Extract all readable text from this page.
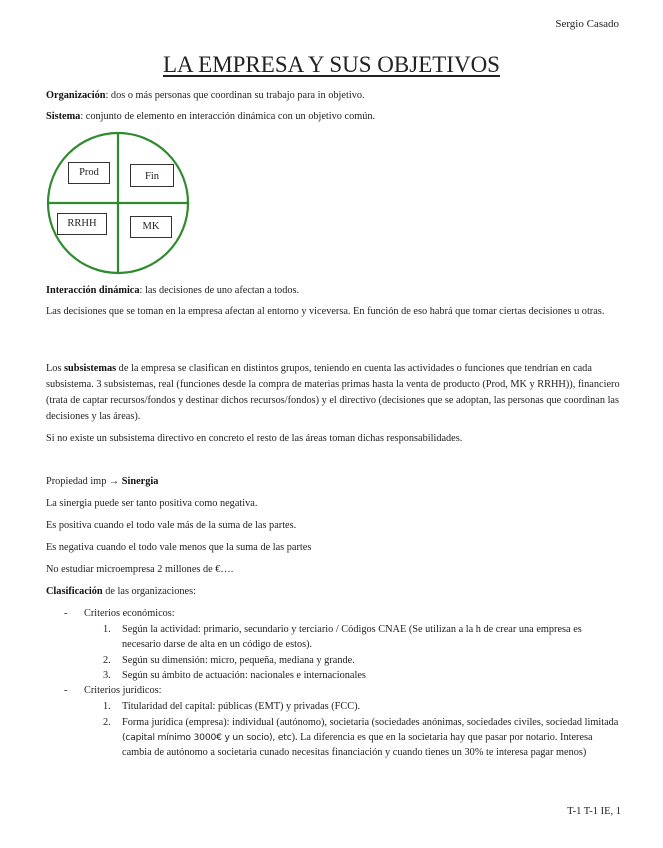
Sergio Casado
LA EMPRESA Y SUS OBJETIVOS
Organización: dos o más personas que coordinan su trabajo para in objetivo.
Sistema: conjunto de elemento en interacción dinámica con un objetivo común.
Prod	Fin
RRHH	MK
Interacción dinámica: las decisiones de uno afectan a todos.
Las decisiones que se toman en la empresa afectan al entorno y viceversa. En función de eso habrá que tomar ciertas decisiones u otras.
Los subsistemas de la empresa se clasifican en distintos grupos, teniendo en cuenta las actividades o funciones que tendrían en cada subsistema. 3 subsistemas, real (funciones desde la compra de materias primas hasta la venta de producto (Prod, MK y RRHH)), financiero (trata de captar recursos/fondos y destinar dichos recursos/fondos) y el directivo (decisiones que se adoptan, las personas que coordinan las decisiones y las áreas).
Si no existe un subsistema directivo en concreto el resto de las áreas toman dichas responsabilidades.
Propiedad imp → Sinergia
La sinergia puede ser tanto positiva como negativa.
Es positiva cuando el todo vale más de la suma de las partes.
Es negativa cuando el todo vale menos que la suma de las partes
No estudiar microempresa 2 millones de €….
Clasificación de las organizaciones:
- Criterios económicos:
1. Según la actividad: primario, secundario y terciario / Códigos CNAE (Se utilizan a la h de crear una empresa es necesario darse de alta en un código de estos).
2. Según su dimensión: micro, pequeña, mediana y grande.
3. Según su ámbito de actuación: nacionales e internacionales
- Criterios jurídicos:
1. Titularidad del capital: públicas (EMT) y privadas (FCC).
2. Forma jurídica (empresa): individual (autónomo), societaria (sociedades anónimas, sociedades civiles, sociedad limitada (capital mínimo 3000€ y un socio), etc). La diferencia es que en la societaria hay que pasar por notario. Interesa cambia de autónomo a societaria cunado necesitas financiación y cuando tienes un 30% te interesa pagar menos)
T-1 T-1 IE, 1
